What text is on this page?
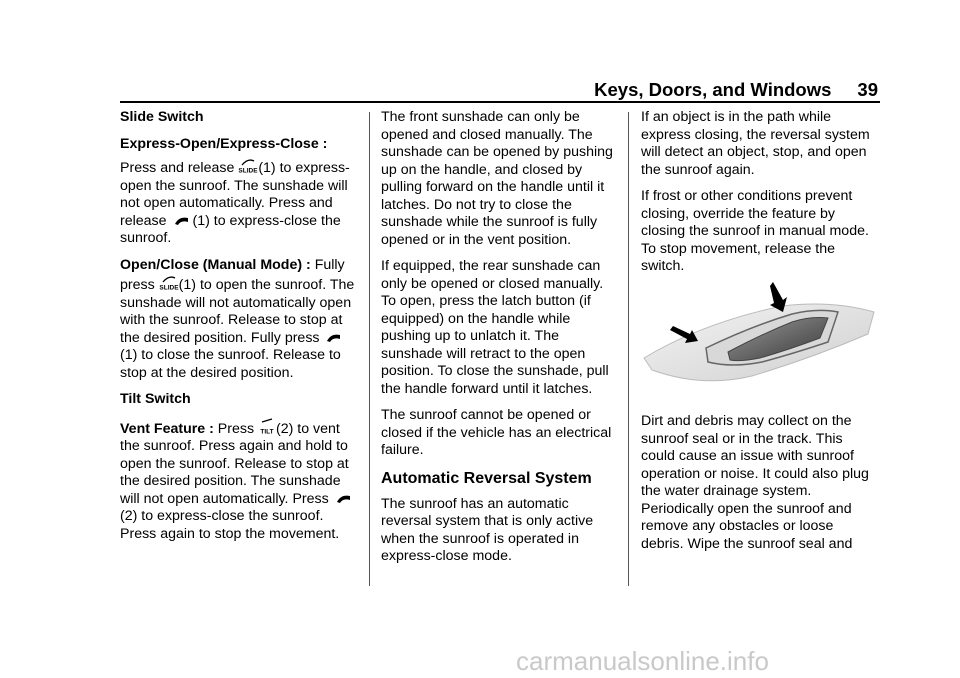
Keys, Doors, and Windows 39

Slide Switch

Express-Open/Express-Close :

Press and release SLIDE (1) to express-open the sunroof. The sunshade will not open automatically. Press and release (1) to express-close the sunroof.

Open/Close (Manual Mode) : Fully press SLIDE (1) to open the sunroof. The sunshade will not automatically open with the sunroof. Release to stop at the desired position. Fully press (1) to close the sunroof. Release to stop at the desired position.

Tilt Switch

Vent Feature : Press TILT (2) to vent the sunroof. Press again and hold to open the sunroof. Release to stop at the desired position. The sunshade will not open automatically. Press (2) to express-close the sunroof. Press again to stop the movement.

The front sunshade can only be opened and closed manually. The sunshade can be opened by pushing up on the handle, and closed by pulling forward on the handle until it latches. Do not try to close the sunshade while the sunroof is fully opened or in the vent position.

If equipped, the rear sunshade can only be opened or closed manually. To open, press the latch button (if equipped) on the handle while pushing up to unlatch it. The sunshade will retract to the open position. To close the sunshade, pull the handle forward until it latches.

The sunroof cannot be opened or closed if the vehicle has an electrical failure.

Automatic Reversal System

The sunroof has an automatic reversal system that is only active when the sunroof is operated in express-close mode.

If an object is in the path while express closing, the reversal system will detect an object, stop, and open the sunroof again.

If frost or other conditions prevent closing, override the feature by closing the sunroof in manual mode. To stop movement, release the switch.

Dirt and debris may collect on the sunroof seal or in the track. This could cause an issue with sunroof operation or noise. It could also plug the water drainage system. Periodically open the sunroof and remove any obstacles or loose debris. Wipe the sunroof seal and

carmanualsonline.info
